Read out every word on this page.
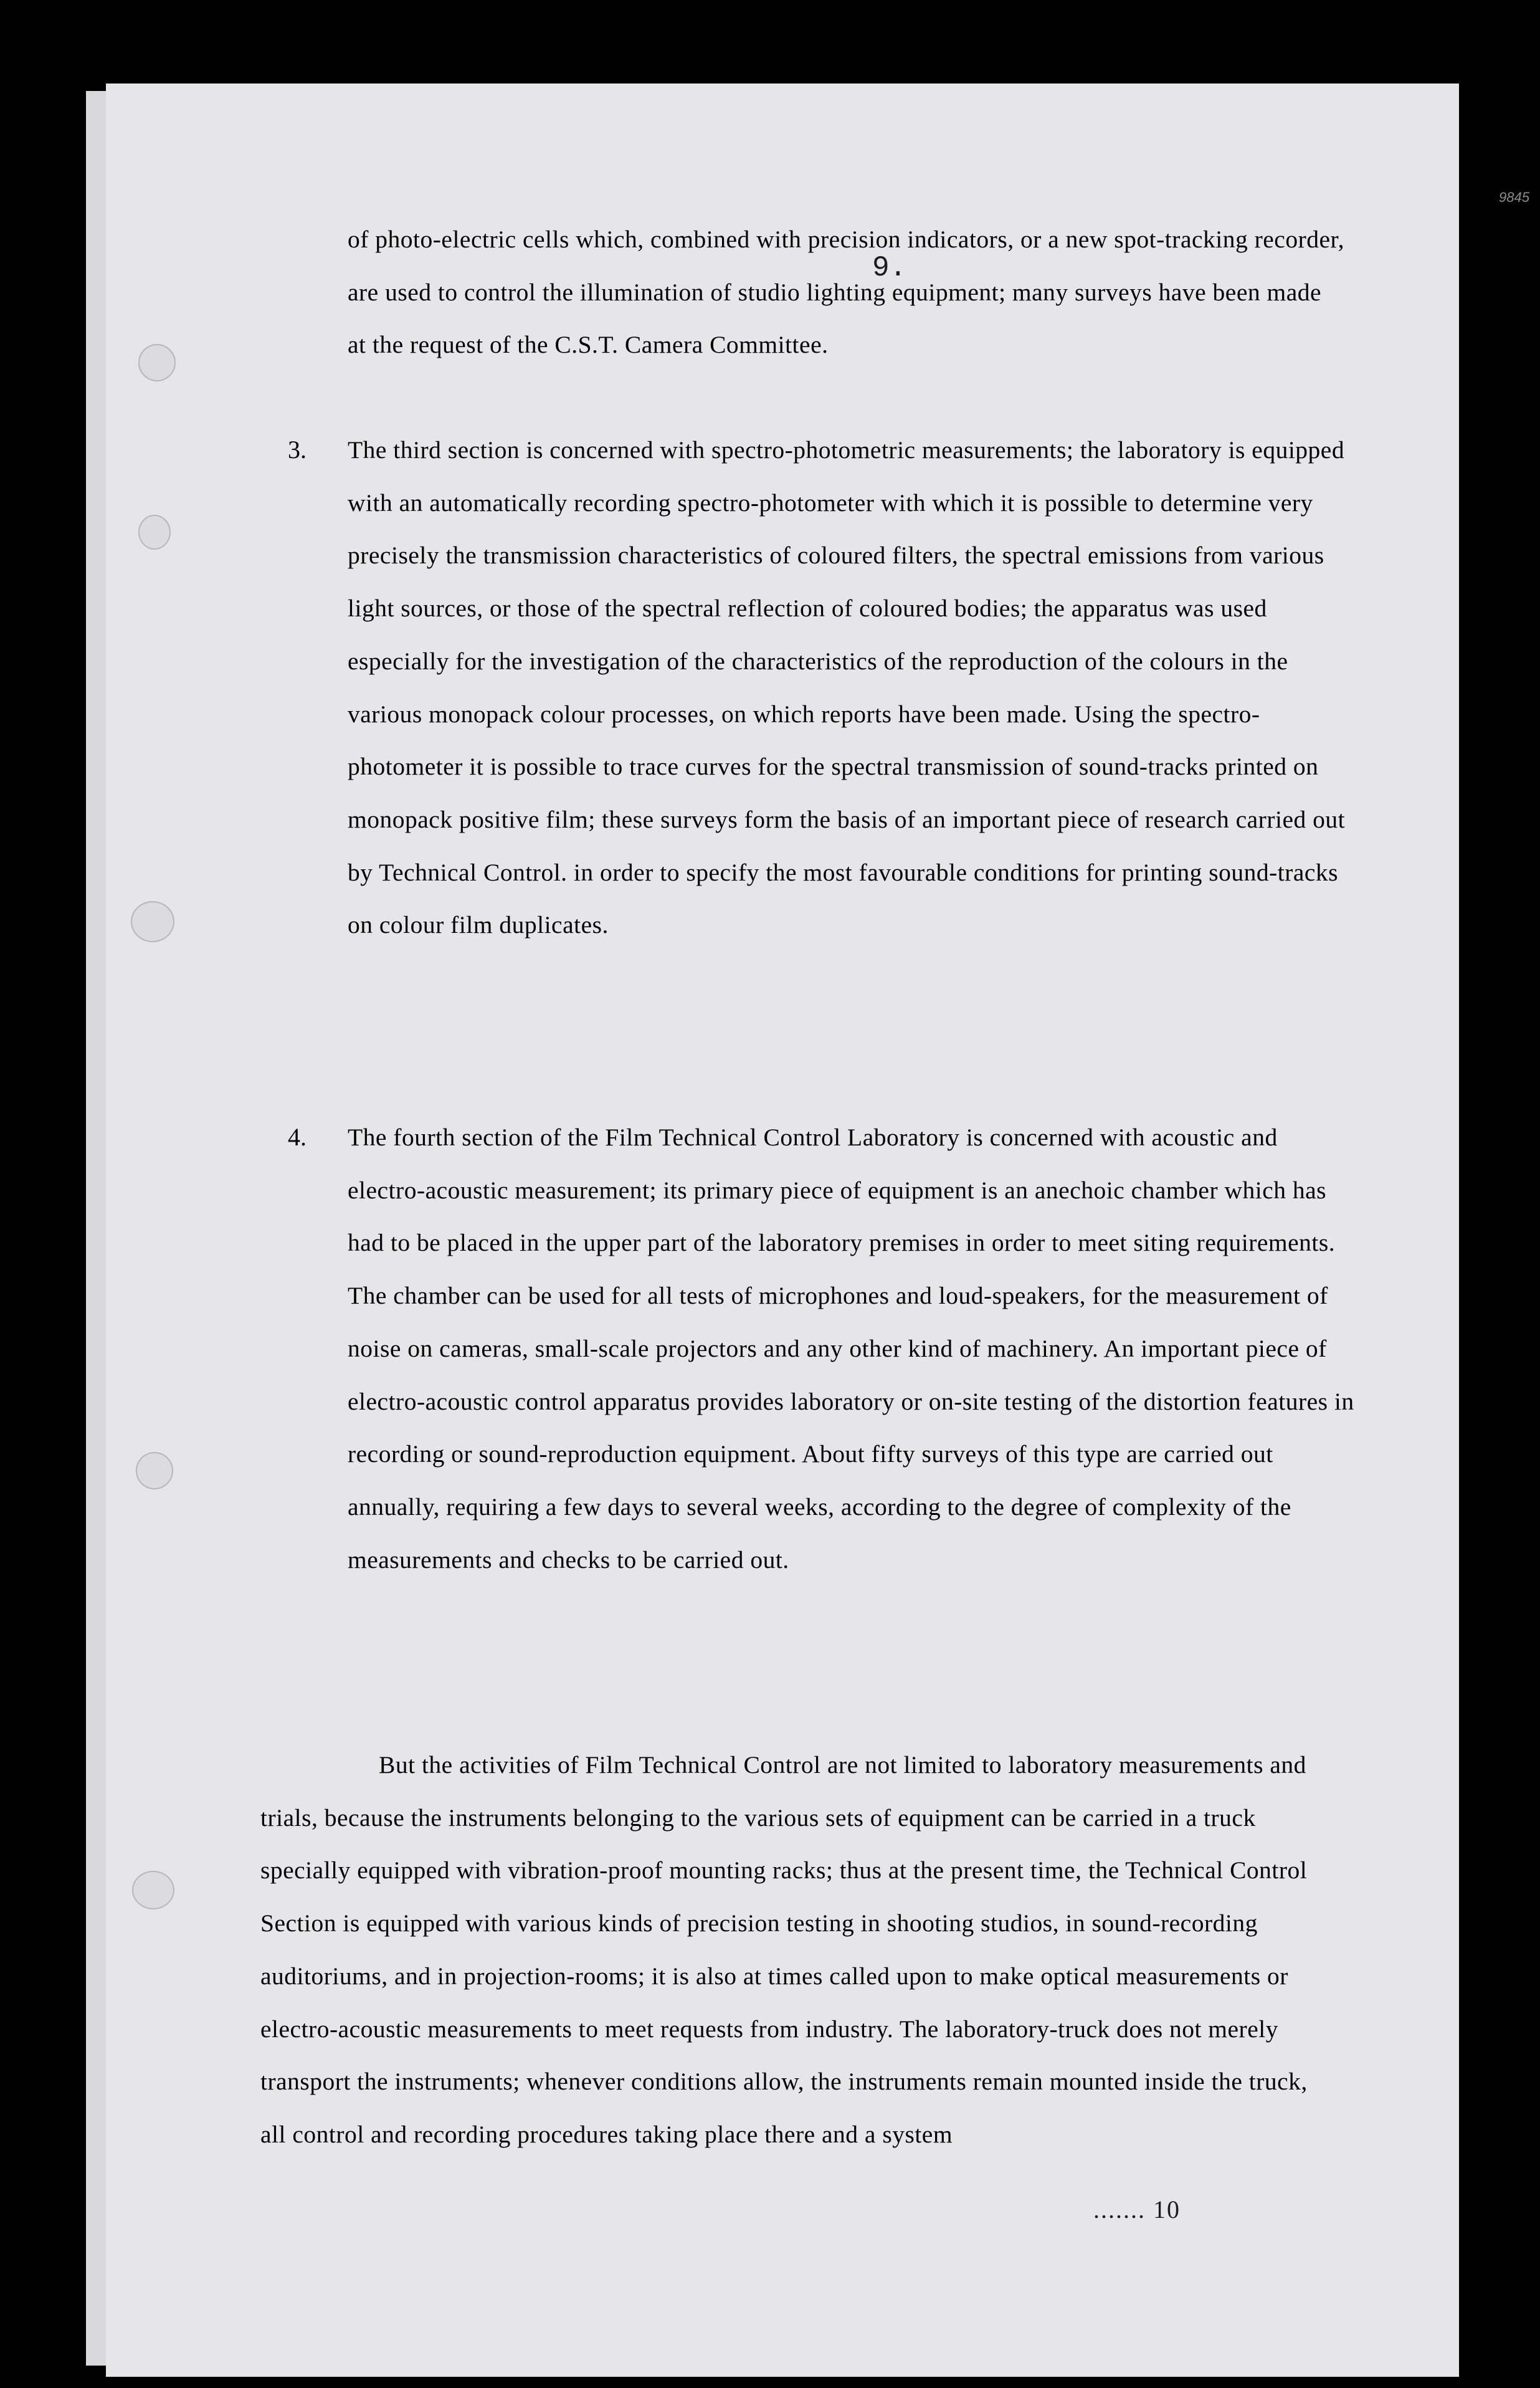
9845
9.
of photo-electric cells which, combined with precision indicators, or a new spot-tracking recorder, are used to control the illumination of studio lighting equipment; many surveys have been made at the request of the C.S.T. Camera Committee.
3. The third section is concerned with spectro-photometric measurements; the laboratory is equipped with an automatically recording spectro-photometer with which it is possible to determine very precisely the transmission characteristics of coloured filters, the spectral emissions from various light sources, or those of the spectral reflection of coloured bodies; the apparatus was used especially for the investigation of the characteristics of the reproduction of the colours in the various monopack colour processes, on which reports have been made. Using the spectro-photometer it is possible to trace curves for the spectral transmission of sound-tracks printed on monopack positive film; these surveys form the basis of an important piece of research carried out by Technical Control. in order to specify the most favourable conditions for printing sound-tracks on colour film duplicates.
4. The fourth section of the Film Technical Control Laboratory is concerned with acoustic and electro-acoustic measurement; its primary piece of equipment is an anechoic chamber which has had to be placed in the upper part of the laboratory premises in order to meet siting requirements. The chamber can be used for all tests of microphones and loud-speakers, for the measurement of noise on cameras, small-scale projectors and any other kind of machinery. An important piece of electro-acoustic control apparatus provides laboratory or on-site testing of the distortion features in recording or sound-reproduction equipment. About fifty surveys of this type are carried out annually, requiring a few days to several weeks, according to the degree of complexity of the measurements and checks to be carried out.
But the activities of Film Technical Control are not limited to laboratory measurements and trials, because the instruments belonging to the various sets of equipment can be carried in a truck specially equipped with vibration-proof mounting racks; thus at the present time, the Technical Control Section is equipped with various kinds of precision testing in shooting studios, in sound-recording auditoriums, and in projection-rooms; it is also at times called upon to make optical measurements or electro-acoustic measurements to meet requests from industry. The laboratory-truck does not merely transport the instruments; whenever conditions allow, the instruments remain mounted inside the truck, all control and recording procedures taking place there and a system
....... 10
